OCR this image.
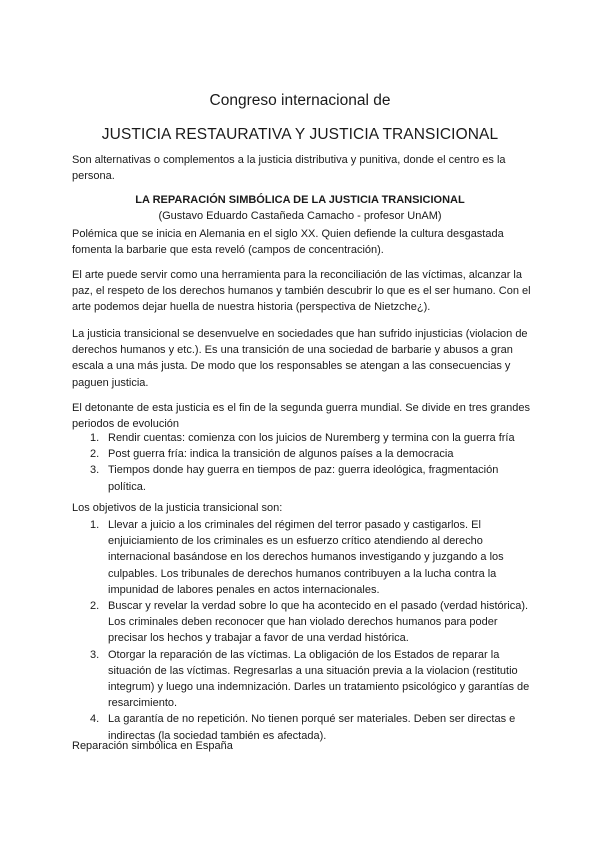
Congreso internacional de
JUSTICIA RESTAURATIVA Y JUSTICIA TRANSICIONAL
Son alternativas o complementos a la justicia distributiva y punitiva, donde el centro es la persona.
LA REPARACIÓN SIMBÓLICA DE LA JUSTICIA TRANSICIONAL
(Gustavo Eduardo Castañeda Camacho - profesor UnAM)
Polémica que se inicia en Alemania en el siglo XX. Quien defiende la cultura desgastada fomenta la barbarie que esta reveló (campos de concentración).
El arte puede servir como una herramienta para la reconciliación de las víctimas, alcanzar la paz, el respeto de los derechos humanos y también descubrir lo que es el ser humano. Con el arte podemos dejar huella de nuestra historia (perspectiva de Nietzche¿).
La justicia transicional se desenvuelve en sociedades que han sufrido injusticias (violacion de derechos humanos y etc.). Es una transición de una sociedad de barbarie y abusos a gran escala a una más justa. De modo que los responsables se atengan a las consecuencias y paguen justicia.
El detonante de esta justicia es el fin de la segunda guerra mundial. Se divide en tres grandes periodos de evolución
1. Rendir cuentas: comienza con los juicios de Nuremberg y termina con la guerra fría
2. Post guerra fría: indica la transición de algunos países a la democracia
3. Tiempos donde hay guerra en tiempos de paz: guerra ideológica, fragmentación política.
Los objetivos de la justicia transicional son:
1. Llevar a juicio a los criminales del régimen del terror pasado y castigarlos. El enjuiciamiento de los criminales es un esfuerzo crítico atendiendo al derecho internacional basándose en los derechos humanos investigando y juzgando a los culpables. Los tribunales de derechos humanos contribuyen a la lucha contra la impunidad de labores penales en actos internacionales.
2. Buscar y revelar la verdad sobre lo que ha acontecido en el pasado (verdad histórica). Los criminales deben reconocer que han violado derechos humanos para poder precisar los hechos y trabajar a favor de una verdad histórica.
3. Otorgar la reparación de las víctimas. La obligación de los Estados de reparar la situación de las víctimas. Regresarlas a una situación previa a la violacion (restitutio integrum) y luego una indemnización. Darles un tratamiento psicológico y garantías de resarcimiento.
4. La garantía de no repetición. No tienen porqué ser materiales. Deben ser directas e indirectas (la sociedad también es afectada).
Reparación simbólica en España
